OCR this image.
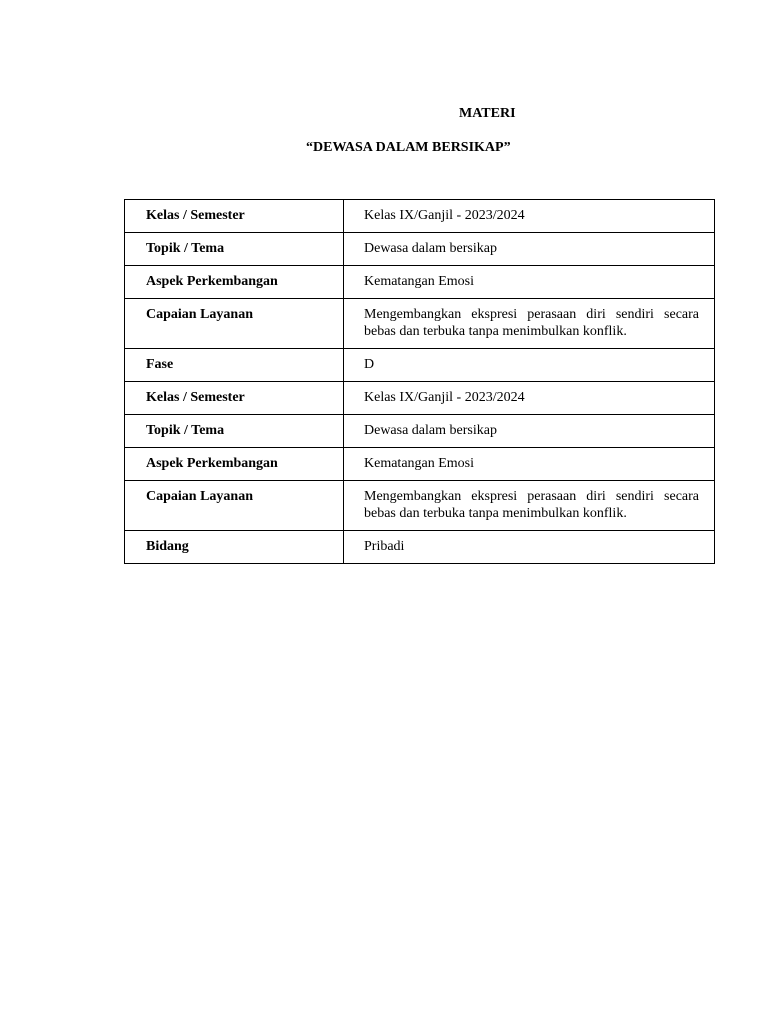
MATERI
“DEWASA DALAM BERSIKAP”
Kelas / Semester	Kelas IX/Ganjil - 2023/2024
Topik / Tema	Dewasa dalam bersikap
Aspek Perkembangan	Kematangan Emosi
Capaian Layanan	Mengembangkan ekspresi perasaan diri sendiri secara bebas dan terbuka tanpa menimbulkan konflik.
Fase	D
Kelas / Semester	Kelas IX/Ganjil - 2023/2024
Topik / Tema	Dewasa dalam bersikap
Aspek Perkembangan	Kematangan Emosi
Capaian Layanan	Mengembangkan ekspresi perasaan diri sendiri secara bebas dan terbuka tanpa menimbulkan konflik.
Bidang	Pribadi
